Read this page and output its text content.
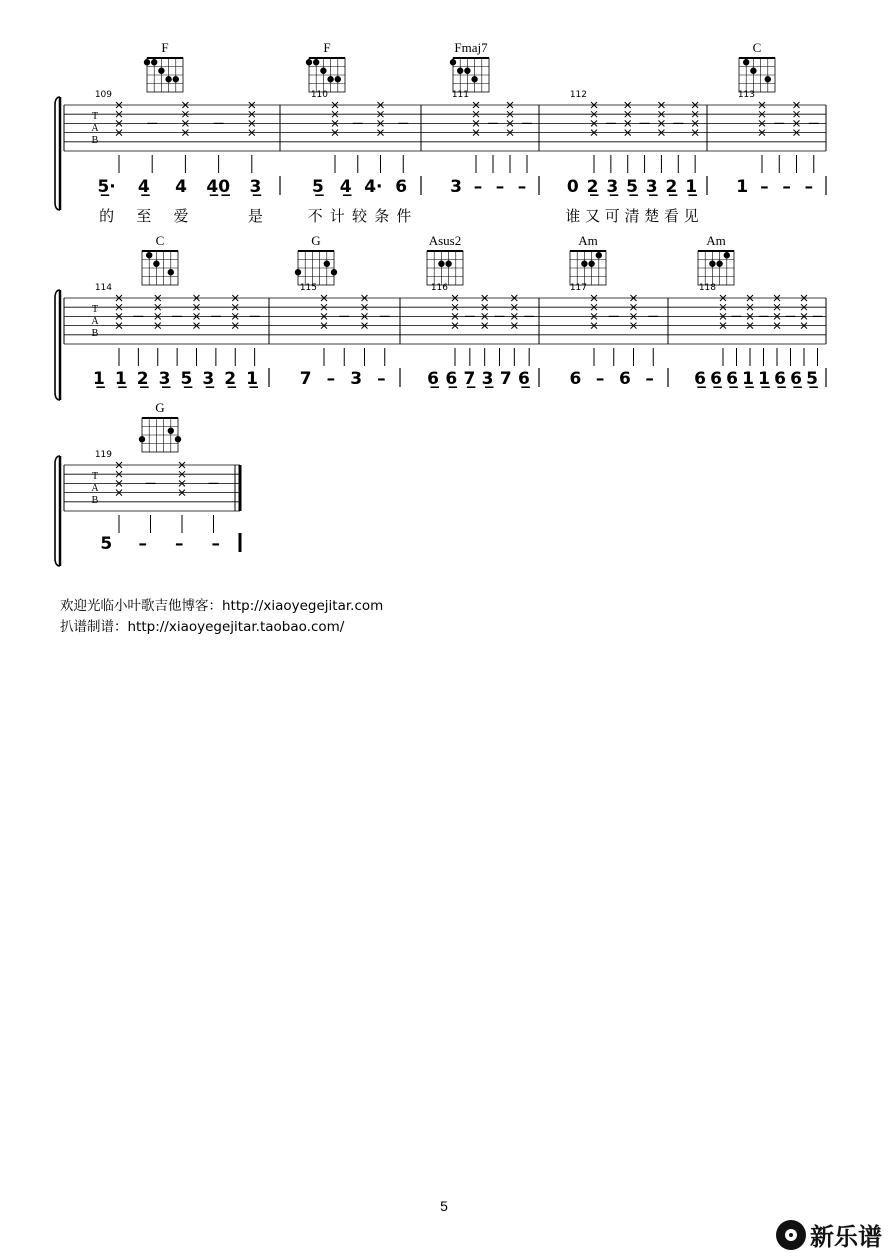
T
A
B
109
F
5̲· 4̲ 4 4̲0̲ 3̲
的 至 爱	是
110
F
5̲ 4̲ 4· 6
不 计 较 条 件
111
Fmaj7
3 – – –
112
0 2̲ 3̲ 5̲ 3̲ 2̲ 1̲
谁 又 可 清 楚 看 见
113
C
1 – – –
T
A
B
114
C
1̲ 1̲ 2̲ 3̲ 5̲ 3̲ 2̲ 1̲
115
G
7 – 3 –
116
Asus2
6̲ 6̲ 7̲ 3̲ 7 6̲
117
Am
6 – 6 –
118
Am
6̲ 6̲ 6̲ 1̲ 1̲ 6̲ 6̲ 5̲
T
A
B
119
G
5 – – –
欢迎光临小叶歌吉他博客：http://xiaoyegejitar.com
扒谱制谱：http://xiaoyegejitar.taobao.com/
5
新乐谱
